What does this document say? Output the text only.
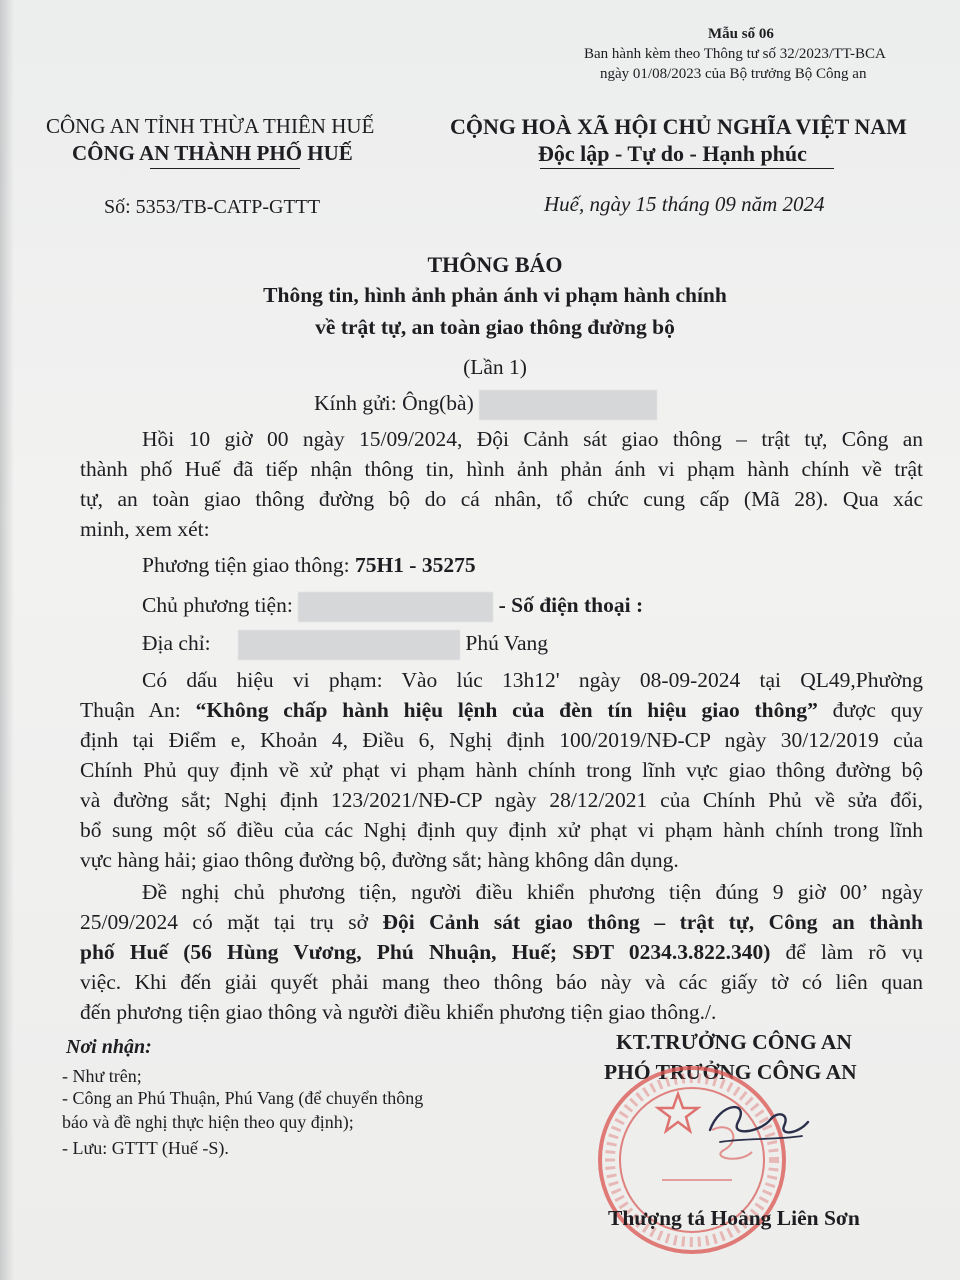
Mẫu số 06
Ban hành kèm theo Thông tư số 32/2023/TT-BCA
ngày 01/08/2023 của Bộ trưởng Bộ Công an
CÔNG AN TỈNH THỪA THIÊN HUẾ
CÔNG AN THÀNH PHỐ HUẾ
Số: 5353/TB-CATP-GTTT
CỘNG HOÀ XÃ HỘI CHỦ NGHĨA VIỆT NAM
Độc lập - Tự do - Hạnh phúc
Huế, ngày 15 tháng 09 năm 2024
THÔNG BÁO
Thông tin, hình ảnh phản ánh vi phạm hành chính
về trật tự, an toàn giao thông đường bộ
(Lần 1)
Kính gửi: Ông(bà)
Hồi 10 giờ 00 ngày 15/09/2024, Đội Cảnh sát giao thông – trật tự, Công an
thành phố Huế đã tiếp nhận thông tin, hình ảnh phản ánh vi phạm hành chính về trật
tự, an toàn giao thông đường bộ do cá nhân, tổ chức cung cấp (Mã 28). Qua xác
minh, xem xét:
Phương tiện giao thông: 75H1 - 35275
Chủ phương tiện:	- Số điện thoại :
Địa chỉ:	Phú Vang
Có dấu hiệu vi phạm: Vào lúc 13h12' ngày 08-09-2024 tại QL49,Phường
Thuận An: “Không chấp hành hiệu lệnh của đèn tín hiệu giao thông” được quy
định tại Điểm e, Khoản 4, Điều 6, Nghị định 100/2019/NĐ-CP ngày 30/12/2019 của
Chính Phủ quy định về xử phạt vi phạm hành chính trong lĩnh vực giao thông đường bộ
và đường sắt; Nghị định 123/2021/NĐ-CP ngày 28/12/2021 của Chính Phủ về sửa đổi,
bổ sung một số điều của các Nghị định quy định xử phạt vi phạm hành chính trong lĩnh
vực hàng hải; giao thông đường bộ, đường sắt; hàng không dân dụng.
Đề nghị chủ phương tiện, người điều khiển phương tiện đúng 9 giờ 00’ ngày
25/09/2024 có mặt tại trụ sở Đội Cảnh sát giao thông – trật tự, Công an thành
phố Huế (56 Hùng Vương, Phú Nhuận, Huế; SĐT 0234.3.822.340) để làm rõ vụ
việc. Khi đến giải quyết phải mang theo thông báo này và các giấy tờ có liên quan
đến phương tiện giao thông và người điều khiển phương tiện giao thông./.
Nơi nhận:
- Như trên;
- Công an Phú Thuận, Phú Vang (để chuyển thông
báo và đề nghị thực hiện theo quy định);
- Lưu: GTTT (Huế -S).
KT.TRƯỞNG CÔNG AN
PHÓ TRƯỞNG CÔNG AN
Thượng tá Hoàng Liên Sơn
